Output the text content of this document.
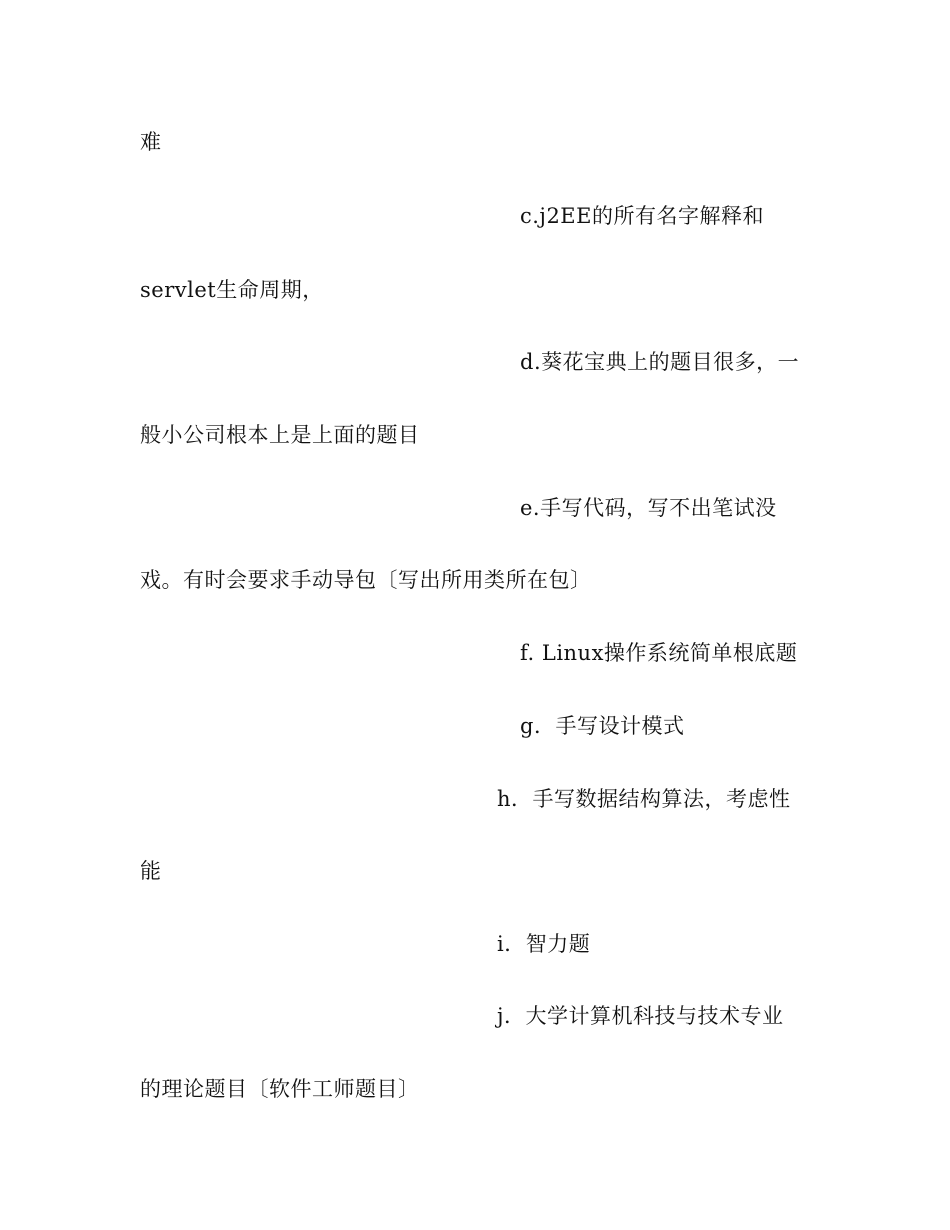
难
c.j2EE的所有名字解释和
servlet生命周期，
d.葵花宝典上的题目很多，一
般小公司根本上是上面的题目
e.手写代码，写不出笔试没
戏。有时会要求手动导包〔写出所用类所在包〕
f. Linux操作系统简单根底题
g．手写设计模式
h．手写数据结构算法，考虑性
能
i．智力题
j．大学计算机科技与技术专业
的理论题目〔软件工师题目〕
